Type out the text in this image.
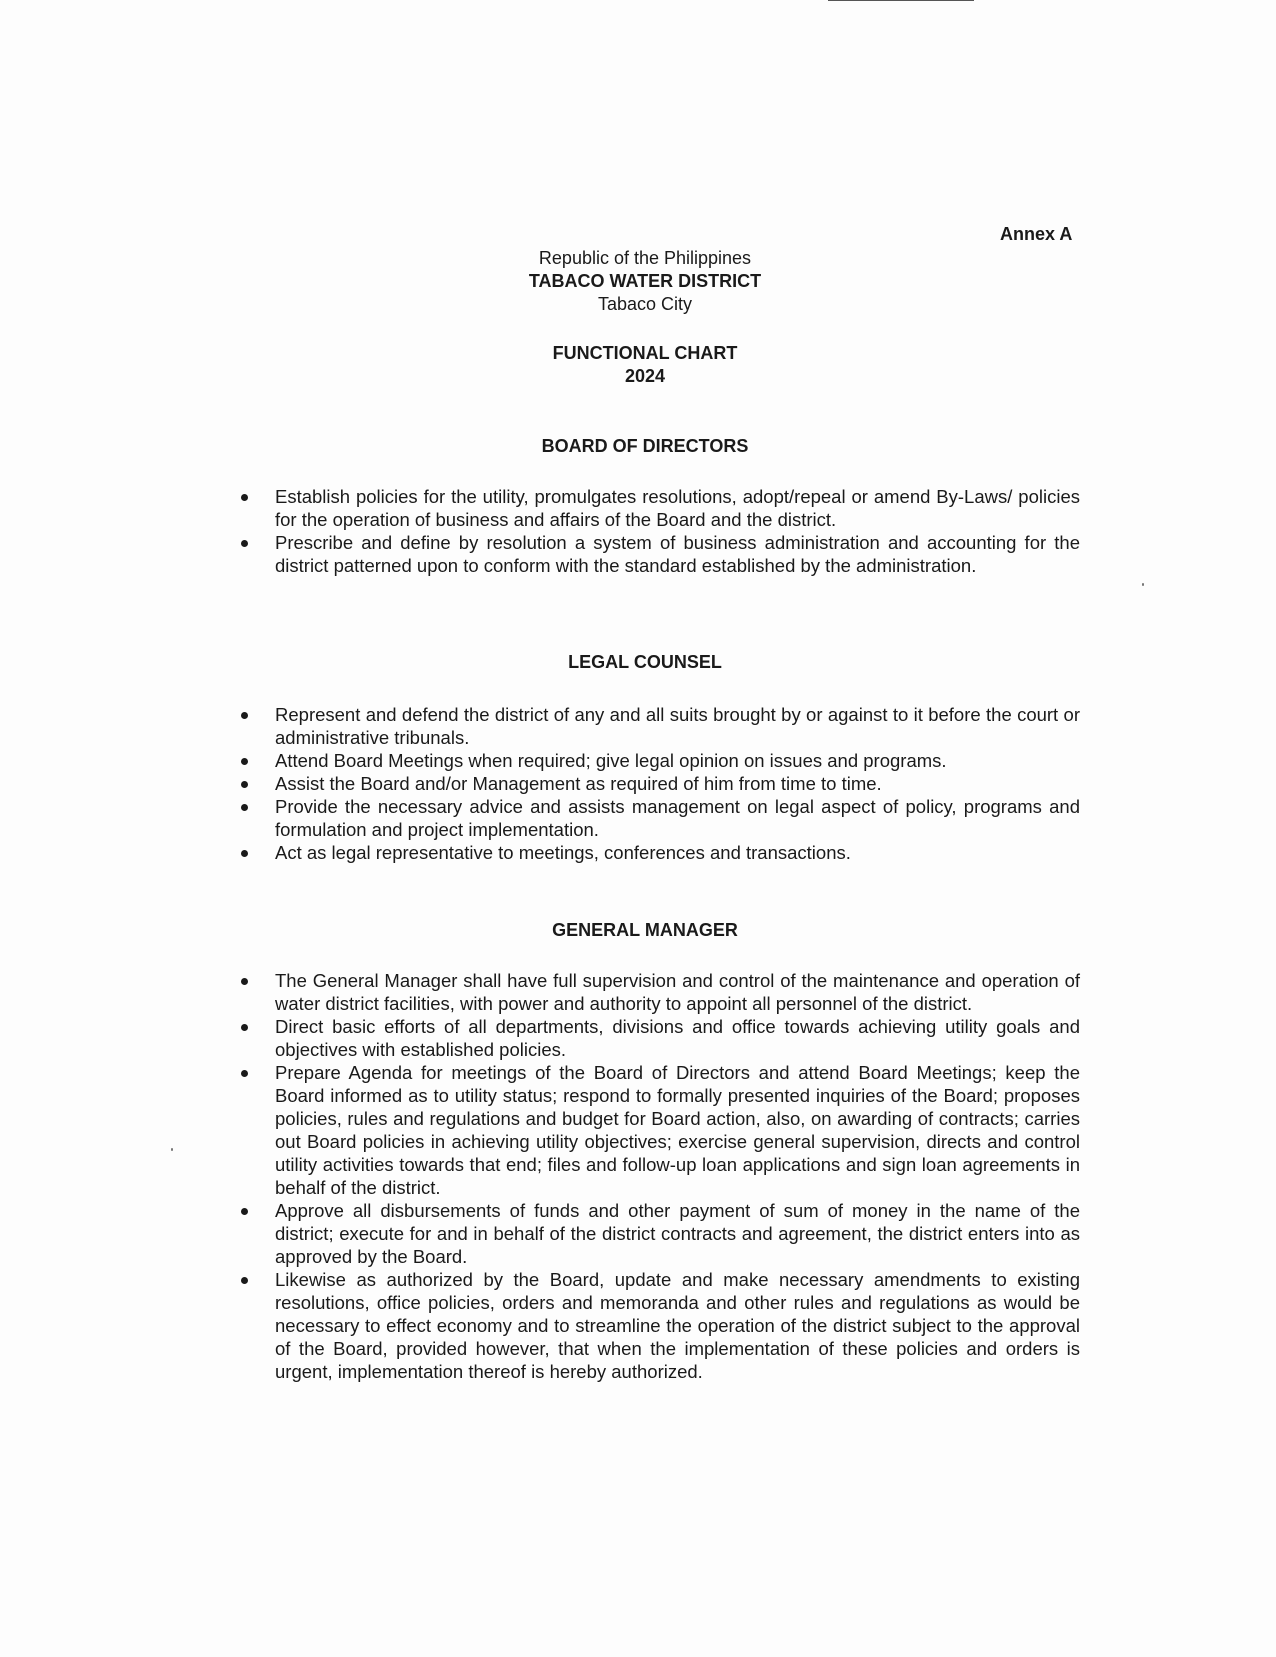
Annex A
Republic of the Philippines
TABACO WATER DISTRICT
Tabaco City
FUNCTIONAL CHART
2024
BOARD OF DIRECTORS
Establish policies for the utility, promulgates resolutions, adopt/repeal or amend By-Laws/ policies for the operation of business and affairs of the Board and the district.
Prescribe and define by resolution a system of business administration and accounting for the district patterned upon to conform with the standard established by the administration.
LEGAL COUNSEL
Represent and defend the district of any and all suits brought by or against to it before the court or administrative tribunals.
Attend Board Meetings when required; give legal opinion on issues and programs.
Assist the Board and/or Management as required of him from time to time.
Provide the necessary advice and assists management on legal aspect of policy, programs and formulation and project implementation.
Act as legal representative to meetings, conferences and transactions.
GENERAL MANAGER
The General Manager shall have full supervision and control of the maintenance and operation of water district facilities, with power and authority to appoint all personnel of the district.
Direct basic efforts of all departments, divisions and office towards achieving utility goals and objectives with established policies.
Prepare Agenda for meetings of the Board of Directors and attend Board Meetings; keep the Board informed as to utility status; respond to formally presented inquiries of the Board; proposes policies, rules and regulations and budget for Board action, also, on awarding of contracts; carries out Board policies in achieving utility objectives; exercise general supervision, directs and control utility activities towards that end; files and follow-up loan applications and sign loan agreements in behalf of the district.
Approve all disbursements of funds and other payment of sum of money in the name of the district; execute for and in behalf of the district contracts and agreement, the district enters into as approved by the Board.
Likewise as authorized by the Board, update and make necessary amendments to existing resolutions, office policies, orders and memoranda and other rules and regulations as would be necessary to effect economy and to streamline the operation of the district subject to the approval of the Board, provided however, that when the implementation of these policies and orders is urgent, implementation thereof is hereby authorized.
